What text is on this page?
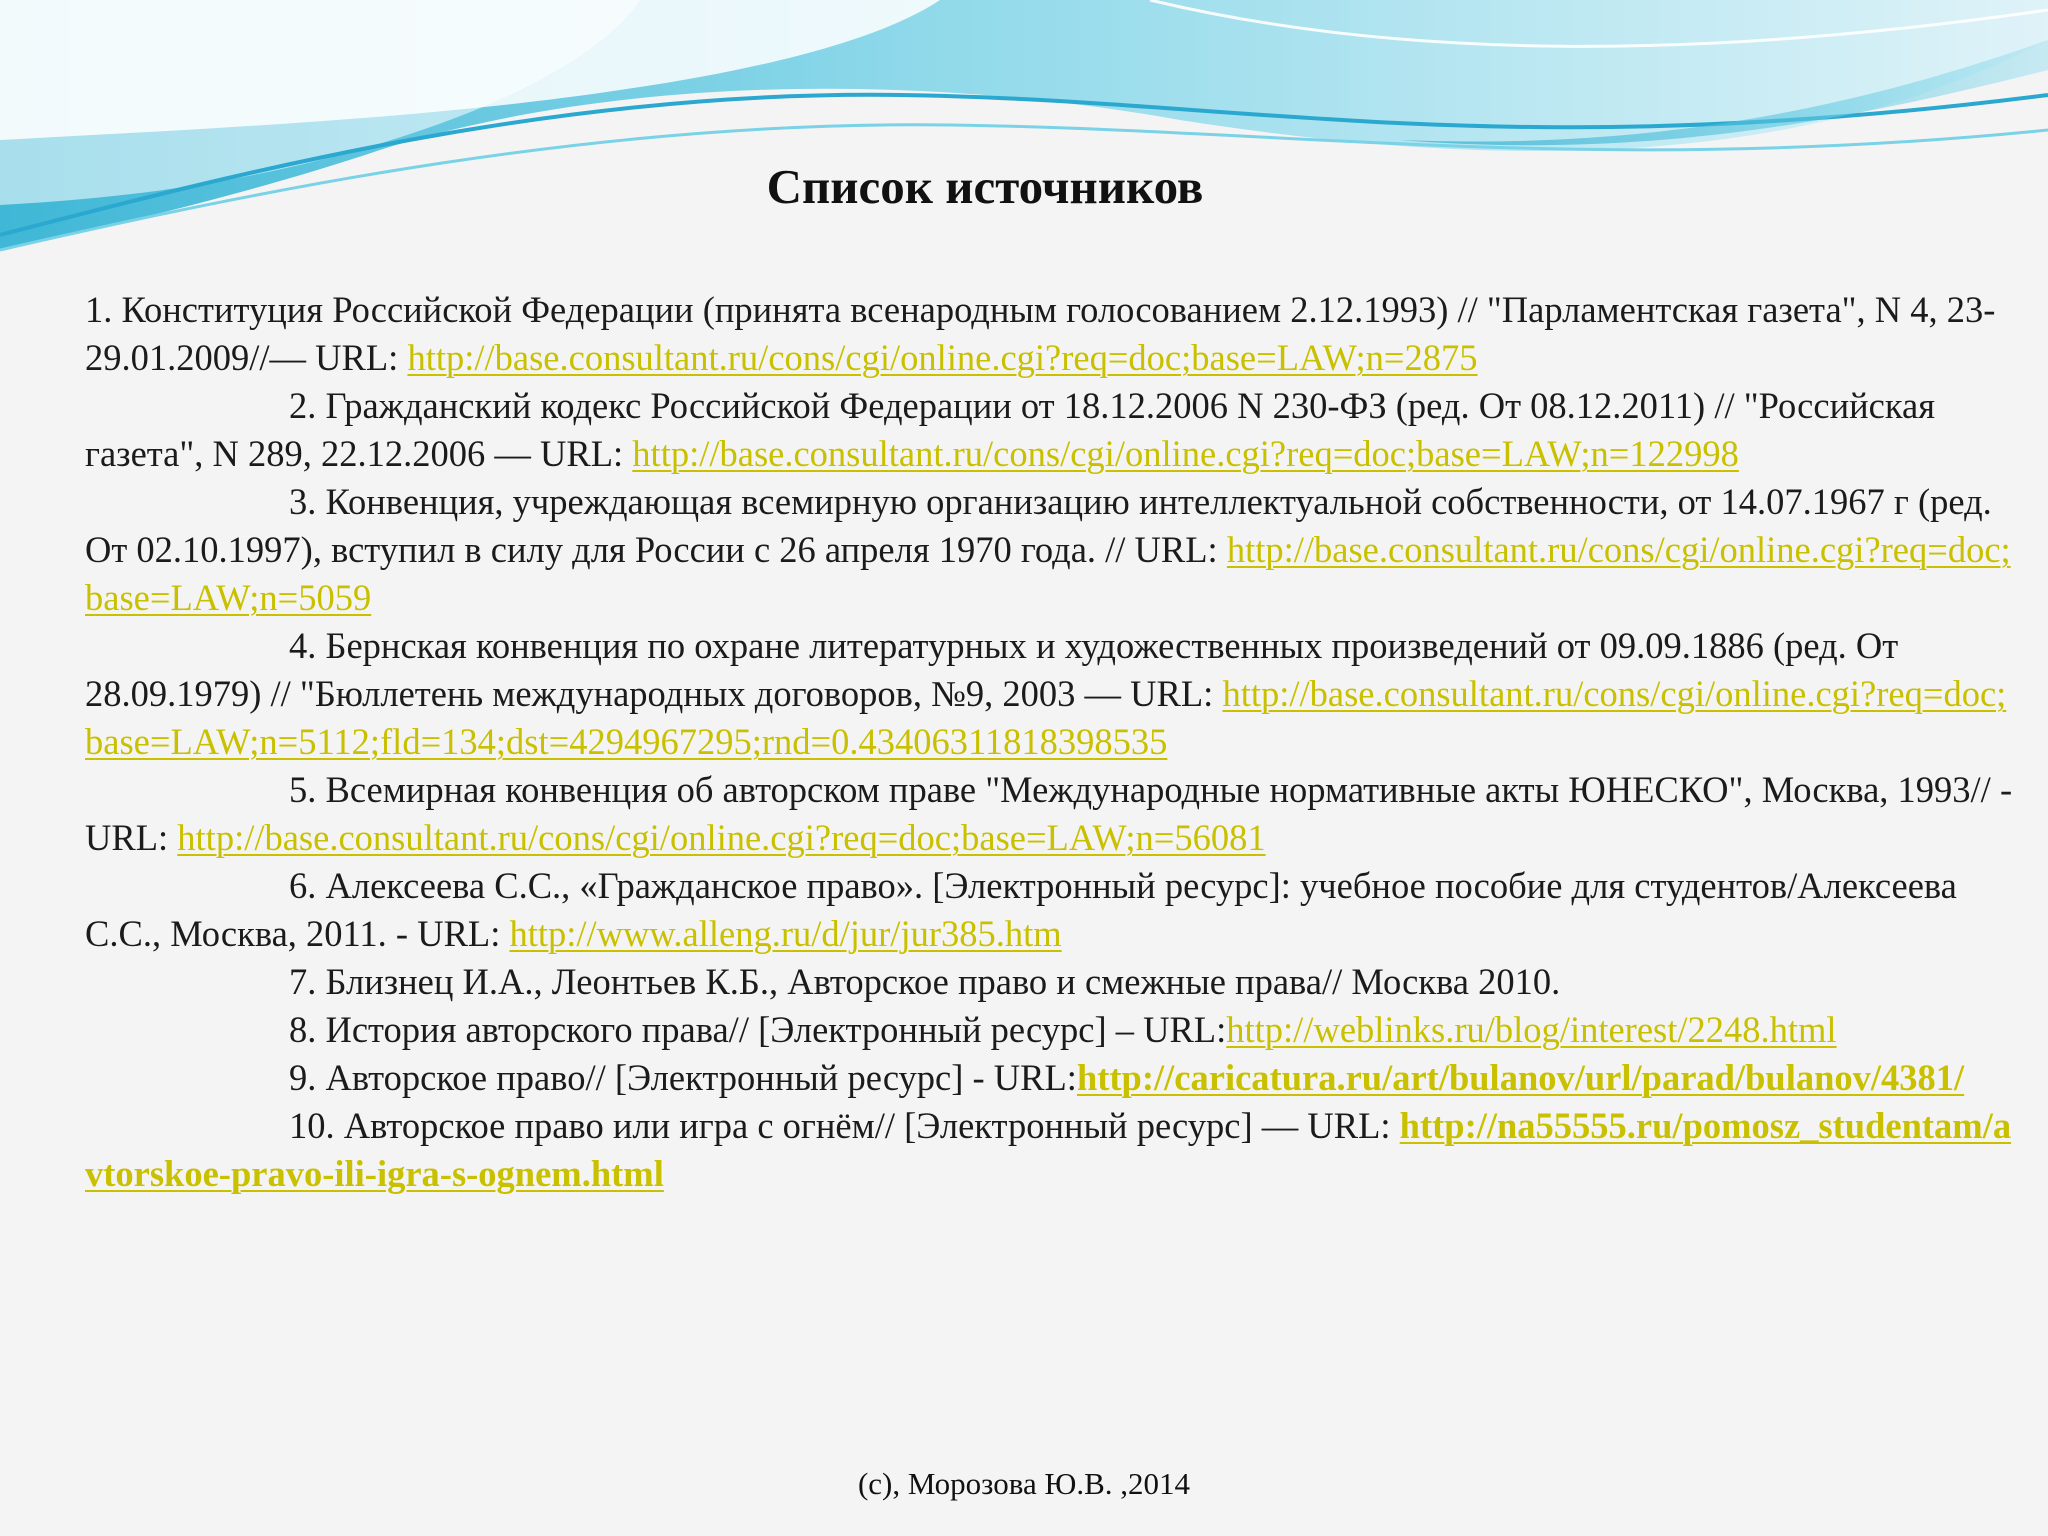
Список источников

1. Конституция Российской Федерации (принята всенародным голосованием 2.12.1993) // "Парламентская газета", N 4, 23-29.01.2009//— URL: http://base.consultant.ru/cons/cgi/online.cgi?req=doc;base=LAW;n=2875

2. Гражданский кодекс Российской Федерации от 18.12.2006 N 230-ФЗ (ред. От 08.12.2011) // "Российская газета", N 289, 22.12.2006 — URL: http://base.consultant.ru/cons/cgi/online.cgi?req=doc;base=LAW;n=122998

3. Конвенция, учреждающая всемирную организацию интеллектуальной собственности, от 14.07.1967 г (ред. От 02.10.1997), вступил в силу для России с 26 апреля 1970 года. // URL: http://base.consultant.ru/cons/cgi/online.cgi?req=doc;base=LAW;n=5059

4. Бернская конвенция по охране литературных и художественных произведений от 09.09.1886 (ред. От 28.09.1979) // "Бюллетень международных договоров, №9, 2003 — URL: http://base.consultant.ru/cons/cgi/online.cgi?req=doc;base=LAW;n=5112;fld=134;dst=4294967295;rnd=0.43406311818398535

5. Всемирная конвенция об авторском праве "Международные нормативные акты ЮНЕСКО", Москва, 1993// - URL: http://base.consultant.ru/cons/cgi/online.cgi?req=doc;base=LAW;n=56081

6. Алексеева С.С., «Гражданское право». [Электронный ресурс]: учебное пособие для студентов/Алексеева С.С., Москва, 2011. - URL: http://www.alleng.ru/d/jur/jur385.htm

7. Близнец И.А., Леонтьев К.Б., Авторское право и смежные права// Москва 2010.

8. История авторского права// [Электронный ресурс] – URL:http://weblinks.ru/blog/interest/2248.html

9. Авторское право// [Электронный ресурс] - URL:http://caricatura.ru/art/bulanov/url/parad/bulanov/4381/

10. Авторское право или игра с огнём// [Электронный ресурс] — URL: http://na55555.ru/pomosz_studentam/avtorskoe-pravo-ili-igra-s-ognem.html

(с), Морозова Ю.В. ,2014
